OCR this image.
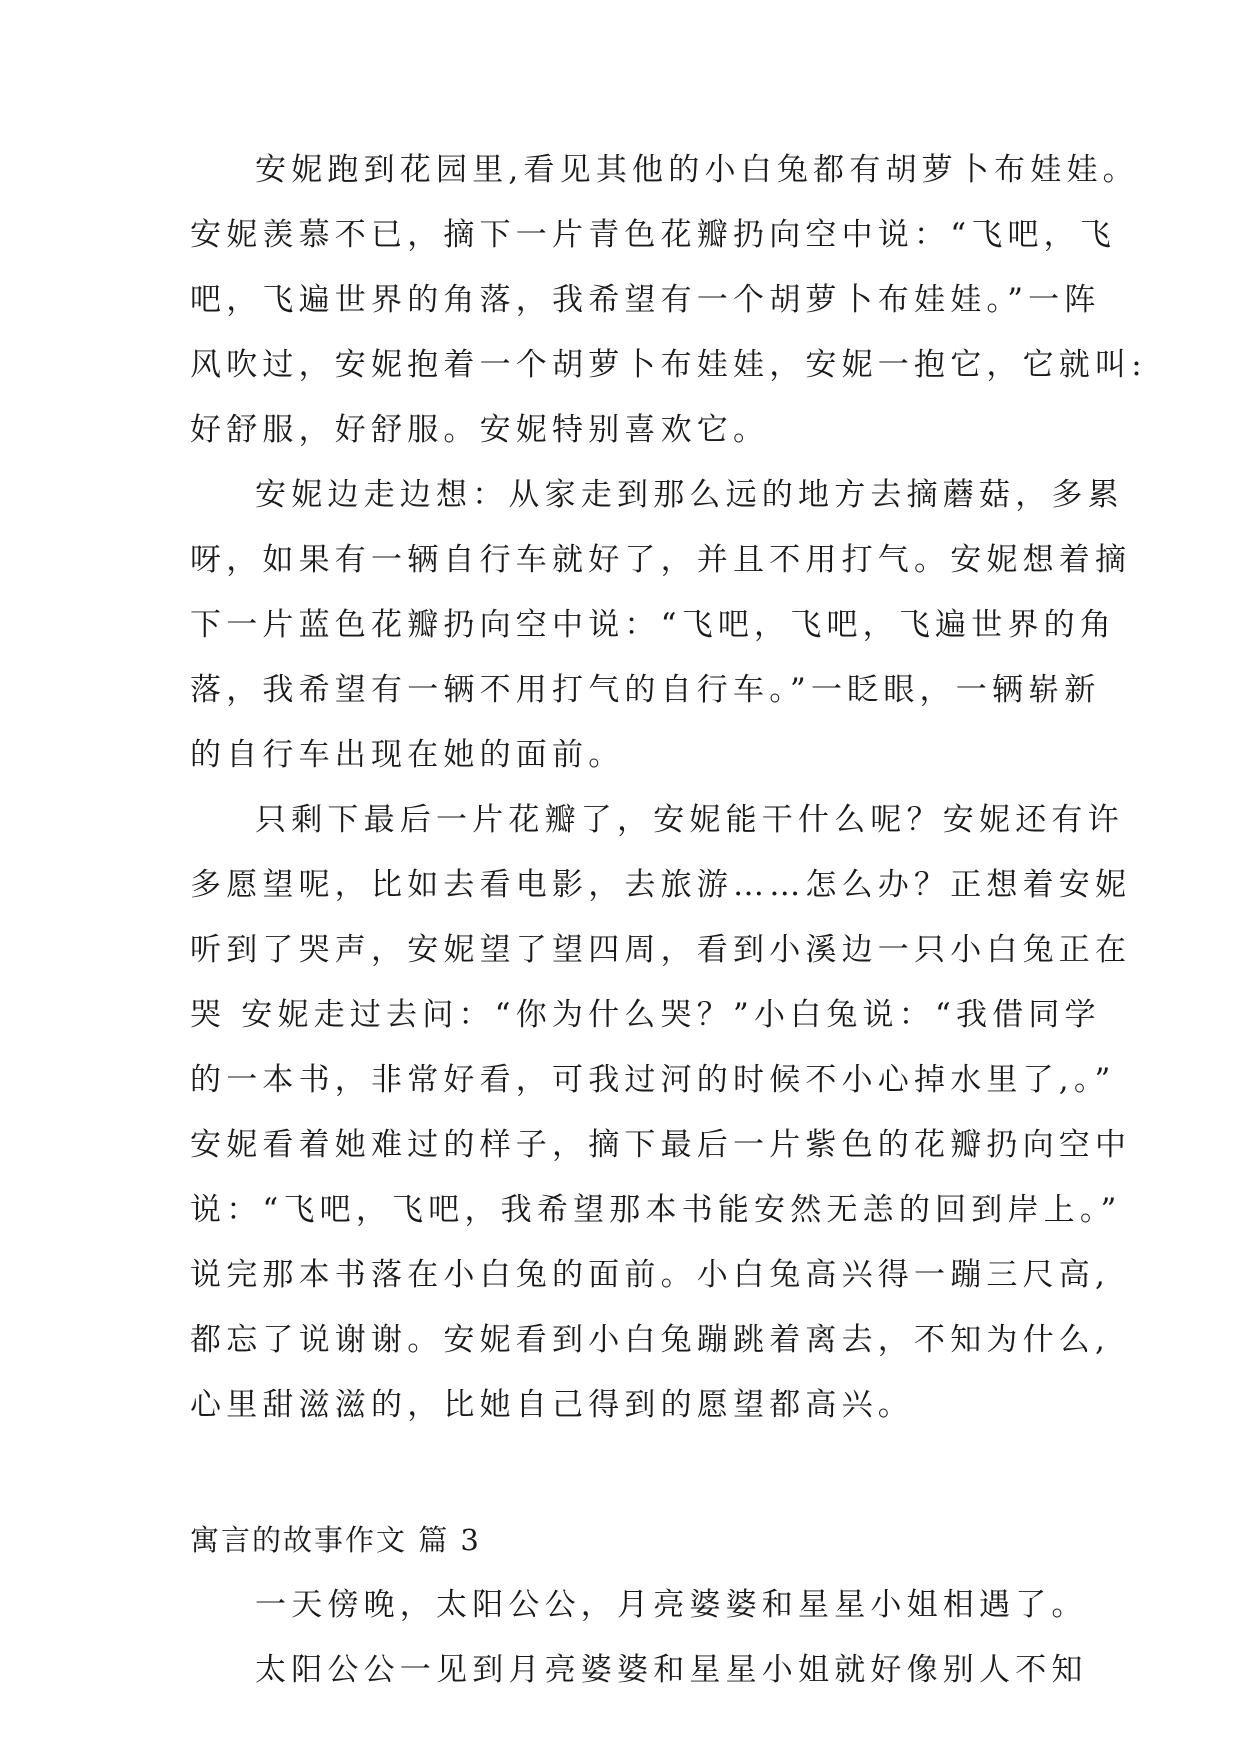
安妮跑到花园里,看见其他的小白兔都有胡萝卜布娃娃。
安妮羡慕不已，摘下一片青色花瓣扔向空中说：“飞吧，飞
吧，飞遍世界的角落，我希望有一个胡萝卜布娃娃。”一阵
风吹过，安妮抱着一个胡萝卜布娃娃，安妮一抱它，它就叫:
好舒服，好舒服。安妮特别喜欢它。
安妮边走边想：从家走到那么远的地方去摘蘑菇，多累
呀，如果有一辆自行车就好了，并且不用打气。安妮想着摘
下一片蓝色花瓣扔向空中说：“飞吧，飞吧，飞遍世界的角
落，我希望有一辆不用打气的自行车。”一眨眼，一辆崭新
的自行车出现在她的面前。
只剩下最后一片花瓣了，安妮能干什么呢？安妮还有许
多愿望呢，比如去看电影，去旅游……怎么办？正想着安妮
听到了哭声，安妮望了望四周，看到小溪边一只小白兔正在
哭 安妮走过去问：“你为什么哭？”小白兔说：“我借同学
的一本书，非常好看，可我过河的时候不小心掉水里了,。”
安妮看着她难过的样子，摘下最后一片紫色的花瓣扔向空中
说：“飞吧，飞吧，我希望那本书能安然无恙的回到岸上。”
说完那本书落在小白兔的面前。小白兔高兴得一蹦三尺高,
都忘了说谢谢。安妮看到小白兔蹦跳着离去，不知为什么,
心里甜滋滋的，比她自己得到的愿望都高兴。
寓言的故事作文 篇 3
一天傍晚，太阳公公，月亮婆婆和星星小姐相遇了。
太阳公公一见到月亮婆婆和星星小姐就好像别人不知
